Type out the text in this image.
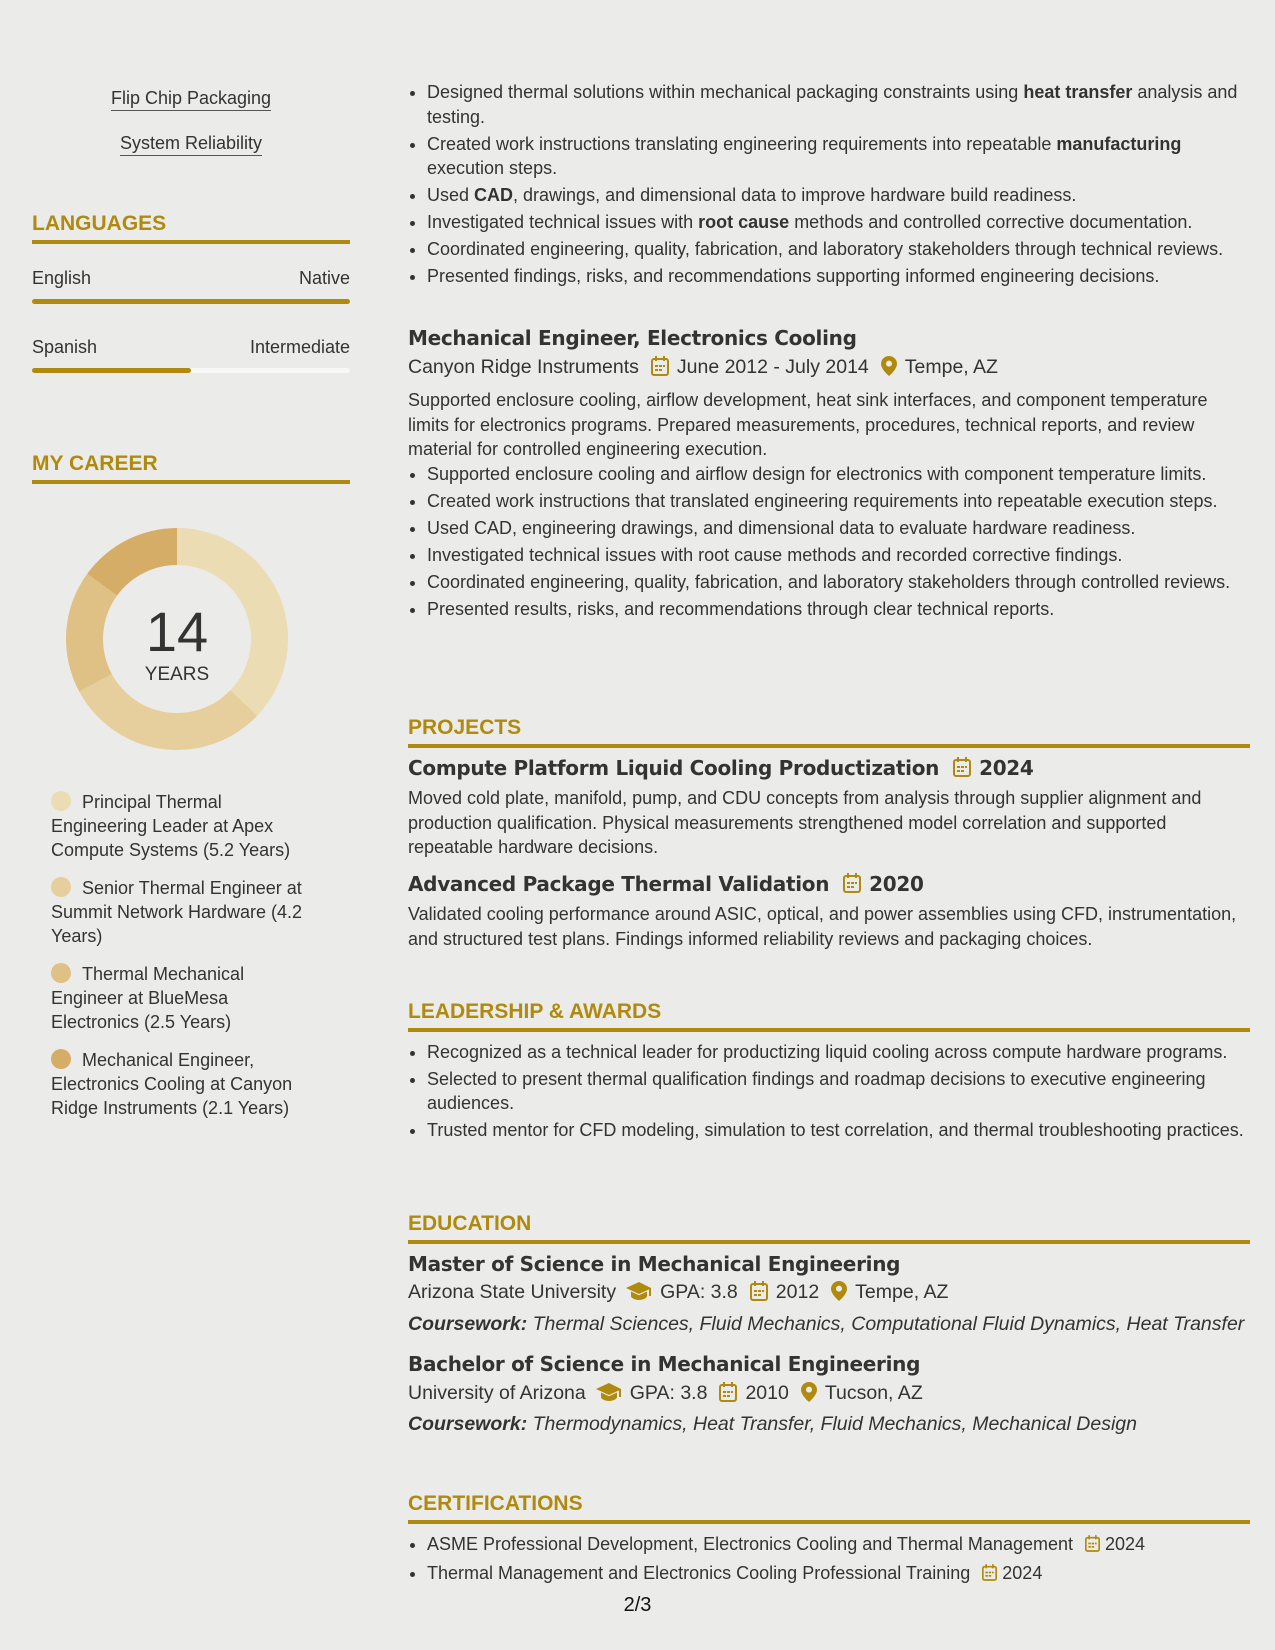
Flip Chip Packaging
System Reliability
LANGUAGES
English	Native
Spanish	Intermediate
MY CAREER
14
YEARS
Principal Thermal Engineering Leader at Apex Compute Systems (5.2 Years)
Senior Thermal Engineer at Summit Network Hardware (4.2 Years)
Thermal Mechanical Engineer at BlueMesa Electronics (2.5 Years)
Mechanical Engineer, Electronics Cooling at Canyon Ridge Instruments (2.1 Years)
• Designed thermal solutions within mechanical packaging constraints using heat transfer analysis and testing.
• Created work instructions translating engineering requirements into repeatable manufacturing execution steps.
• Used CAD, drawings, and dimensional data to improve hardware build readiness.
• Investigated technical issues with root cause methods and controlled corrective documentation.
• Coordinated engineering, quality, fabrication, and laboratory stakeholders through technical reviews.
• Presented findings, risks, and recommendations supporting informed engineering decisions.
Mechanical Engineer, Electronics Cooling
Canyon Ridge Instruments June 2012 - July 2014 Tempe, AZ
Supported enclosure cooling, airflow development, heat sink interfaces, and component temperature limits for electronics programs. Prepared measurements, procedures, technical reports, and review material for controlled engineering execution.
• Supported enclosure cooling and airflow design for electronics with component temperature limits.
• Created work instructions that translated engineering requirements into repeatable execution steps.
• Used CAD, engineering drawings, and dimensional data to evaluate hardware readiness.
• Investigated technical issues with root cause methods and recorded corrective findings.
• Coordinated engineering, quality, fabrication, and laboratory stakeholders through controlled reviews.
• Presented results, risks, and recommendations through clear technical reports.
PROJECTS
Compute Platform Liquid Cooling Productization 2024
Moved cold plate, manifold, pump, and CDU concepts from analysis through supplier alignment and production qualification. Physical measurements strengthened model correlation and supported repeatable hardware decisions.
Advanced Package Thermal Validation 2020
Validated cooling performance around ASIC, optical, and power assemblies using CFD, instrumentation, and structured test plans. Findings informed reliability reviews and packaging choices.
LEADERSHIP & AWARDS
• Recognized as a technical leader for productizing liquid cooling across compute hardware programs.
• Selected to present thermal qualification findings and roadmap decisions to executive engineering audiences.
• Trusted mentor for CFD modeling, simulation to test correlation, and thermal troubleshooting practices.
EDUCATION
Master of Science in Mechanical Engineering
Arizona State University GPA: 3.8 2012 Tempe, AZ
Coursework: Thermal Sciences, Fluid Mechanics, Computational Fluid Dynamics, Heat Transfer
Bachelor of Science in Mechanical Engineering
University of Arizona GPA: 3.8 2010 Tucson, AZ
Coursework: Thermodynamics, Heat Transfer, Fluid Mechanics, Mechanical Design
CERTIFICATIONS
• ASME Professional Development, Electronics Cooling and Thermal Management 2024
• Thermal Management and Electronics Cooling Professional Training 2024
2/3
